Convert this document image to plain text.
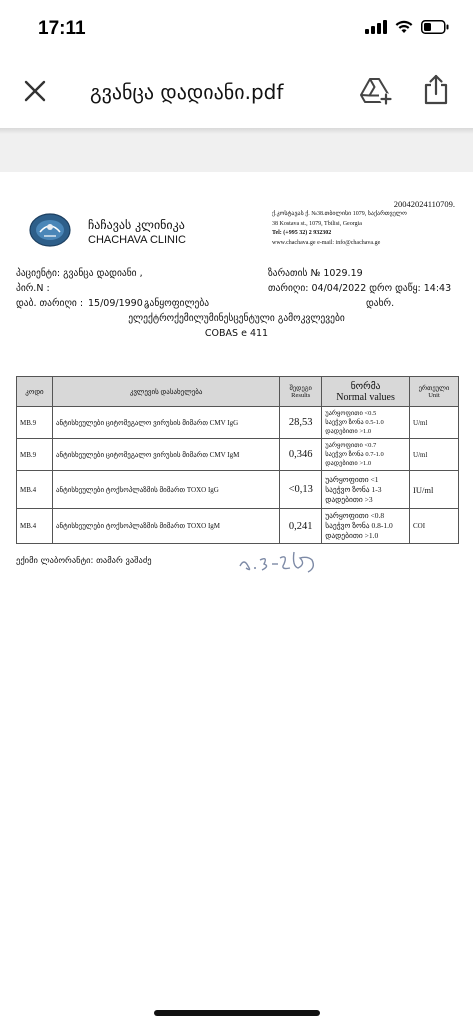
17:11
გვანცა დადიანი.pdf
20042024110709.
ჩაჩავას კლინიკა
CHACHAVA CLINIC
ქ.კოსტავას ქ. №38.თბილისი 1079, საქართველო
38 Kostava st., 1079, Tbilisi, Georgia
Tel: (+995 32) 2 932302
www.chachava.ge e-mail: info@chachava.ge
პაციენტი: გვანცა დადიანი ,
პირ.N :
დაბ. თარიღი : 15/09/1990 ,
განყოფილება	დახრ.
ზარათის № 1029.19
თარიღი: 04/04/2022 დრო დაწყ: 14:43
ელექტროქემილუმინესცენტული გამოკვლევები
COBAS e 411
კოდი	კვლევის დასახელება	შედეგი
Results	ნორმა
Normal values	ერთეული
Unit

MB.9	ანტისხეულები ციტომეგალო ვირუსის მიმართ CMV IgG	28,53	უარყოფითი <0.5
საეჭვო ზონა 0.5-1.0
დადებითი >1.0	U/ml
MB.9	ანტისხეულები ციტომეგალო ვირუსის მიმართ CMV IgM	0,346	უარყოფითი <0.7
საეჭვო ზონა 0.7-1.0
დადებითი >1.0	U/ml
MB.4	ანტისხეულები ტოქსოპლაზმის მიმართ TOXO IgG	<0,13	უარყოფითი <1
საეჭვო ზონა 1-3
დადებითი >3	IU/ml
MB.4	ანტისხეულები ტოქსოპლაზმის მიმართ TOXO IgM	0,241	უარყოფითი <0.8
საეჭვო ზონა 0.8-1.0
დადებითი >1.0	COI
ექიმი ლაბორანტი: თამარ ვაშაძე
